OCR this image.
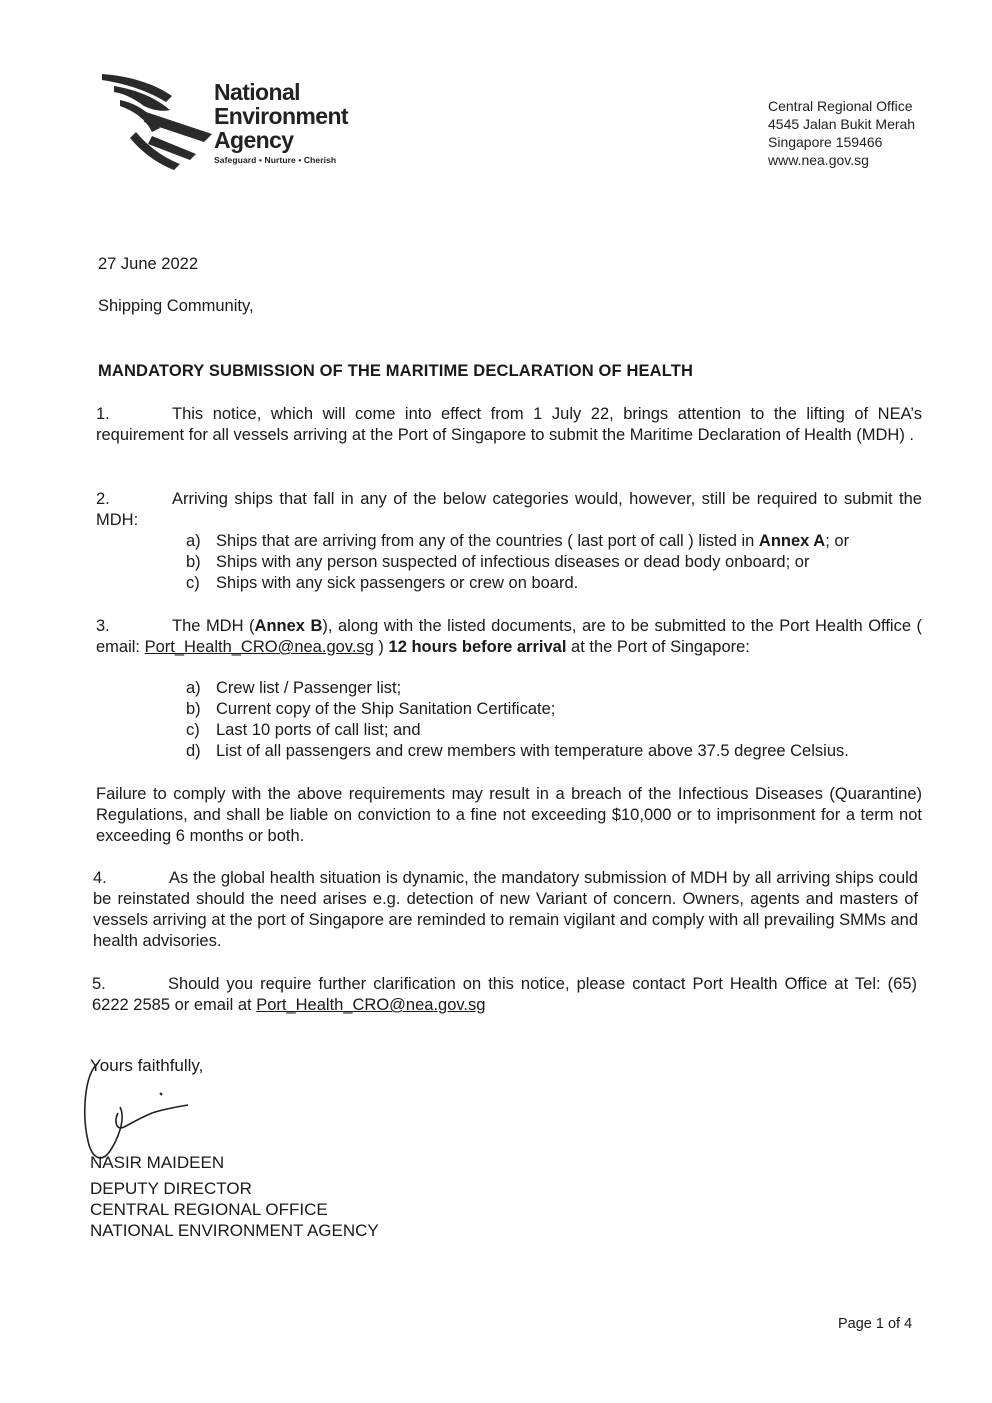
National
Environment
Agency
Safeguard • Nurture • Cherish
Central Regional Office
4545 Jalan Bukit Merah
Singapore 159466
www.nea.gov.sg
27 June 2022
Shipping Community,
MANDATORY SUBMISSION OF THE MARITIME DECLARATION OF HEALTH
1.	This notice, which will come into effect from 1 July 22, brings attention to the lifting of NEA’s requirement for all vessels arriving at the Port of Singapore to submit the Maritime Declaration of Health (MDH) .
2.	Arriving ships that fall in any of the below categories would, however, still be required to submit the MDH:
a) Ships that are arriving from any of the countries ( last port of call ) listed in Annex A; or
b) Ships with any person suspected of infectious diseases or dead body onboard; or
c) Ships with any sick passengers or crew on board.
3.	The MDH (Annex B), along with the listed documents, are to be submitted to the Port Health Office ( email: Port_Health_CRO@nea.gov.sg ) 12 hours before arrival at the Port of Singapore:
a) Crew list / Passenger list;
b) Current copy of the Ship Sanitation Certificate;
c) Last 10 ports of call list; and
d) List of all passengers and crew members with temperature above 37.5 degree Celsius.
Failure to comply with the above requirements may result in a breach of the Infectious Diseases (Quarantine) Regulations, and shall be liable on conviction to a fine not exceeding $10,000 or to imprisonment for a term not exceeding 6 months or both.
4.	As the global health situation is dynamic, the mandatory submission of MDH by all arriving ships could be reinstated should the need arises e.g. detection of new Variant of concern. Owners, agents and masters of vessels arriving at the port of Singapore are reminded to remain vigilant and comply with all prevailing SMMs and health advisories.
5.	Should you require further clarification on this notice, please contact Port Health Office at Tel: (65) 6222 2585 or email at Port_Health_CRO@nea.gov.sg
Yours faithfully,
NASIR MAIDEEN
DEPUTY DIRECTOR
CENTRAL REGIONAL OFFICE
NATIONAL ENVIRONMENT AGENCY
Page 1 of 4
